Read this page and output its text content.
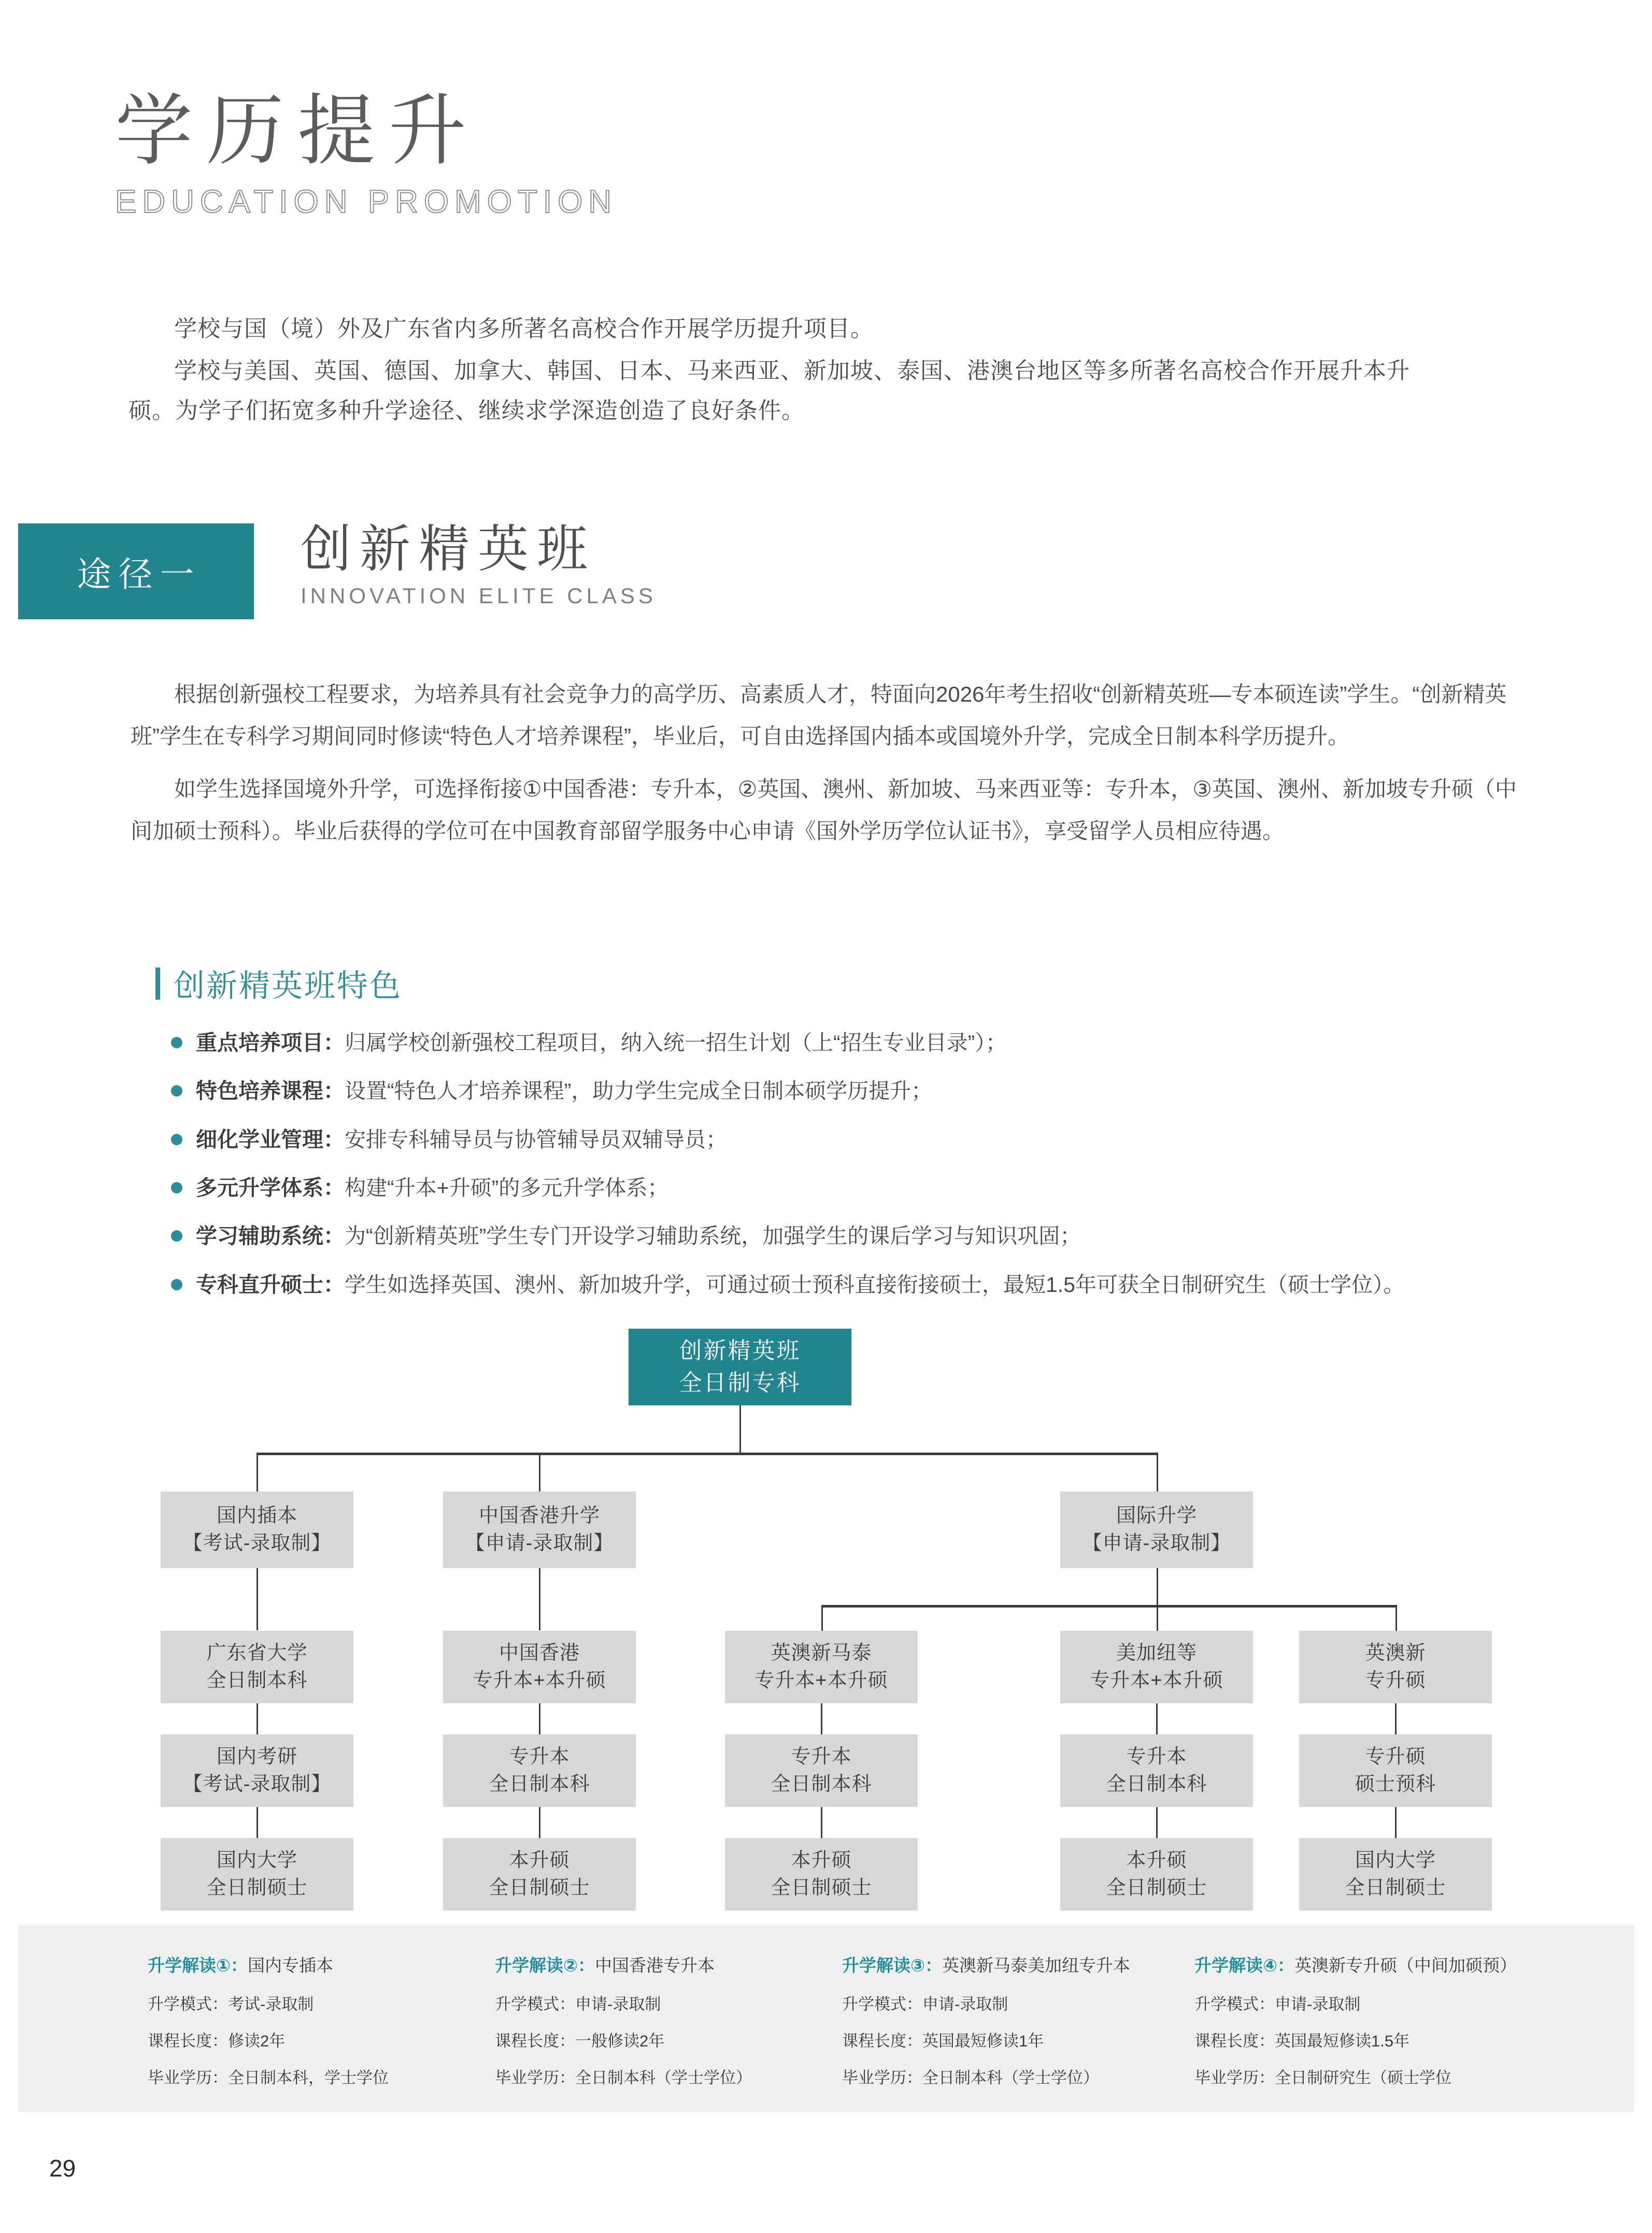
学历提升
EDUCATION PROMOTION

学校与国（境）外及广东省内多所著名高校合作开展学历提升项目。

学校与美国、英国、德国、加拿大、韩国、日本、马来西亚、新加坡、泰国、港澳台地区等多所著名高校合作开展升本升硕。为学子们拓宽多种升学途径、继续求学深造创造了良好条件。

途径一 创新精英班
INNOVATION ELITE CLASS

根据创新强校工程要求，为培养具有社会竞争力的高学历、高素质人才，特面向2026年考生招收“创新精英班—专本硕连读”学生。“创新精英班”学生在专科学习期间同时修读“特色人才培养课程”，毕业后，可自由选择国内插本或国境外升学，完成全日制本科学历提升。

如学生选择国境外升学，可选择衔接①中国香港：专升本，②英国、澳州、新加坡、马来西亚等：专升本，③英国、澳州、新加坡专升硕（中间加硕士预科）。毕业后获得的学位可在中国教育部留学服务中心申请《国外学历学位认证书》，享受留学人员相应待遇。

创新精英班特色
重点培养项目：归属学校创新强校工程项目，纳入统一招生计划（上“招生专业目录”）；
特色培养课程：设置“特色人才培养课程”，助力学生完成全日制本硕学历提升；
细化学业管理：安排专科辅导员与协管辅导员双辅导员；
多元升学体系：构建“升本+升硕”的多元升学体系；
学习辅助系统：为“创新精英班”学生专门开设学习辅助系统，加强学生的课后学习与知识巩固；
专科直升硕士：学生如选择英国、澳州、新加坡升学，可通过硕士预科直接衔接硕士，最短1.5年可获全日制研究生（硕士学位）。
创新精英班
全日制专科
国内插本
【考试-录取制】
中国香港升学
【申请-录取制】
国际升学
【申请-录取制】
广东省大学
全日制本科
中国香港
专升本+本升硕
英澳新马泰
专升本+本升硕
美加纽等
专升本+本升硕
英澳新
专升硕
国内考研
【考试-录取制】
专升本
全日制本科
专升本
全日制本科
专升本
全日制本科
专升硕
硕士预科
国内大学
全日制硕士
本升硕
全日制硕士
本升硕
全日制硕士
本升硕
全日制硕士
国内大学
全日制硕士
升学解读①：国内专插本
升学模式：考试-录取制
课程长度：修读2年
毕业学历：全日制本科，学士学位
升学解读②：中国香港专升本
升学模式：申请-录取制
课程长度：一般修读2年
毕业学历：全日制本科（学士学位）
升学解读③：英澳新马泰美加纽专升本
升学模式：申请-录取制
课程长度：英国最短修读1年
毕业学历：全日制本科（学士学位）
升学解读④：英澳新专升硕（中间加硕预）
升学模式：申请-录取制
课程长度：英国最短修读1.5年
毕业学历：全日制研究生（硕士学位
29
